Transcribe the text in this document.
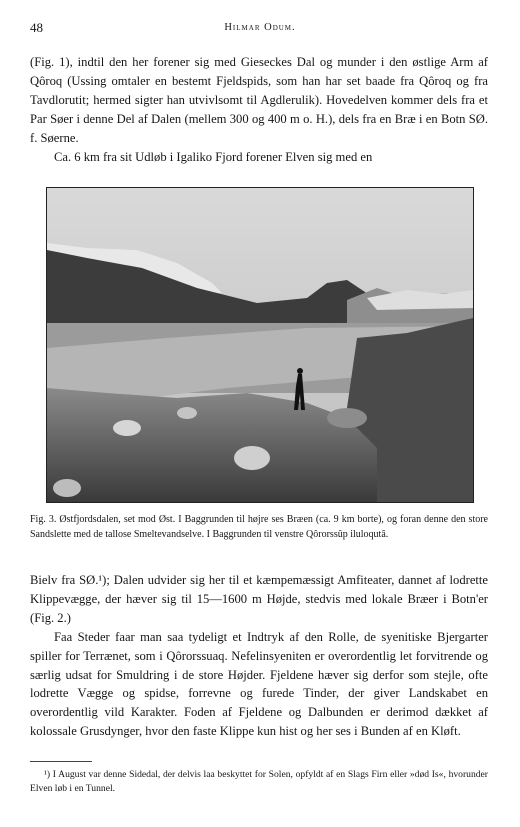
48	Hilmar Odum.

(Fig. 1), indtil den her forener sig med Gieseckes Dal og munder i den østlige Arm af Qôroq (Ussing omtaler en bestemt Fjeldspids, som han har set baade fra Qôroq og fra Tavdlorutit; hermed sigter han utvivlsomt til Agdlerulik). Hovedelven kommer dels fra et Par Søer i denne Del af Dalen (mellem 300 og 400 m o. H.), dels fra en Bræ i en Botn SØ. f. Søerne.

Ca. 6 km fra sit Udløb i Igaliko Fjord forener Elven sig med en

Fig. 3. Østfjordsdalen, set mod Øst. I Baggrunden til højre ses Bræen (ca. 9 km borte), og foran denne den store Sandslette med de tallose Smeltevandselve. I Baggrunden til venstre Qôrorssûp iluloqutâ.

Bielv fra SØ.¹); Dalen udvider sig her til et kæmpemæssigt Amfiteater, dannet af lodrette Klippevægge, der hæver sig til 15—1600 m Højde, stedvis med lokale Bræer i Botn'er (Fig. 2.)

Faa Steder faar man saa tydeligt et Indtryk af den Rolle, de syenitiske Bjergarter spiller for Terrænet, som i Qôrorssuaq. Nefelinsyeniten er overordentlig let forvitrende og særlig udsat for Smuldring i de store Højder. Fjeldene hæver sig derfor som stejle, ofte lodrette Vægge og spidse, forrevne og furede Tinder, der giver Landskabet en overordentlig vild Karakter. Foden af Fjeldene og Dalbunden er derimod dækket af kolossale Grusdynger, hvor den faste Klippe kun hist og her ses i Bunden af en Kløft.

¹) I August var denne Sidedal, der delvis laa beskyttet for Solen, opfyldt af en Slags Firn eller »død Is«, hvorunder Elven løb i en Tunnel.
